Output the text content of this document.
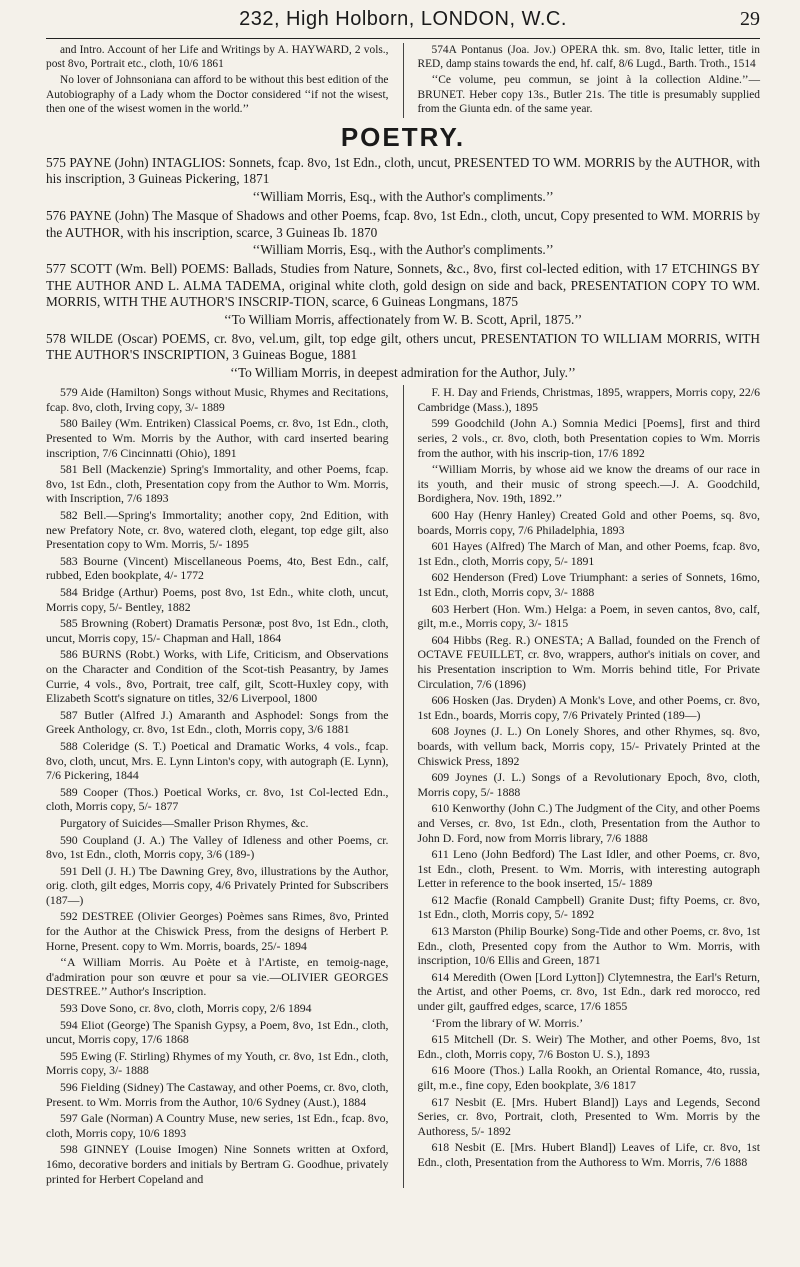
232, High Holborn, LONDON, W.C.	29

and Intro. Account of her Life and Writings by A. HAYWARD, 2 vols., post 8vo, Portrait etc., cloth, 10/6 1861

No lover of Johnsoniana can afford to be without this best edition of the Autobiography of a Lady whom the Doctor considered ‘‘if not the wisest, then one of the wisest women in the world.’’

574A Pontanus (Joa. Jov.) OPERA thk. sm. 8vo, Italic letter, title in RED, damp stains towards the end, hf. calf, 8/6 Lugd., Barth. Troth., 1514

‘‘Ce volume, peu commun, se joint à la collection Aldine.’’—BRUNET. Heber copy 13s., Butler 21s. The title is presumably supplied from the Giunta edn. of the same year.

POETRY.

575 PAYNE (John) INTAGLIOS: Sonnets, fcap. 8vo, 1st Edn., cloth, uncut, PRESENTED TO WM. MORRIS by the AUTHOR, with his inscription, 3 Guineas Pickering, 1871

‘‘William Morris, Esq., with the Author's compliments.’’

576 PAYNE (John) The Masque of Shadows and other Poems, fcap. 8vo, 1st Edn., cloth, uncut, Copy presented to WM. MORRIS by the AUTHOR, with his inscription, scarce, 3 Guineas Ib. 1870

‘‘William Morris, Esq., with the Author's compliments.’’

577 SCOTT (Wm. Bell) POEMS: Ballads, Studies from Nature, Sonnets, &c., 8vo, first col-lected edition, with 17 ETCHINGS BY THE AUTHOR AND L. ALMA TADEMA, original white cloth, gold design on side and back, PRESENTATION COPY TO WM. MORRIS, WITH THE AUTHOR'S INSCRIP-TION, scarce, 6 Guineas Longmans, 1875

‘‘To William Morris, affectionately from W. B. Scott, April, 1875.’’

578 WILDE (Oscar) POEMS, cr. 8vo, vel.um, gilt, top edge gilt, others uncut, PRESENTATION TO WILLIAM MORRIS, WITH THE AUTHOR'S INSCRIPTION, 3 Guineas Bogue, 1881

‘‘To William Morris, in deepest admiration for the Author, July.’’

579 Aide (Hamilton) Songs without Music, Rhymes and Recitations, fcap. 8vo, cloth, Irving copy, 3/- 1889

580 Bailey (Wm. Entriken) Classical Poems, cr. 8vo, 1st Edn., cloth, Presented to Wm. Morris by the Author, with card inserted bearing inscription, 7/6 Cincinnatti (Ohio), 1891

581 Bell (Mackenzie) Spring's Immortality, and other Poems, fcap. 8vo, 1st Edn., cloth, Presentation copy from the Author to Wm. Morris, with Inscription, 7/6 1893

582 Bell.—Spring's Immortality; another copy, 2nd Edition, with new Prefatory Note, cr. 8vo, watered cloth, elegant, top edge gilt, also Presentation copy to Wm. Morris, 5/- 1895

583 Bourne (Vincent) Miscellaneous Poems, 4to, Best Edn., calf, rubbed, Eden bookplate, 4/- 1772

584 Bridge (Arthur) Poems, post 8vo, 1st Edn., white cloth, uncut, Morris copy, 5/- Bentley, 1882

585 Browning (Robert) Dramatis Personæ, post 8vo, 1st Edn., cloth, uncut, Morris copy, 15/- Chapman and Hall, 1864

586 BURNS (Robt.) Works, with Life, Criticism, and Observations on the Character and Condition of the Scot-tish Peasantry, by James Currie, 4 vols., 8vo, Portrait, tree calf, gilt, Scott-Huxley copy, with Elizabeth Scott's signature on titles, 32/6 Liverpool, 1800

587 Butler (Alfred J.) Amaranth and Asphodel: Songs from the Greek Anthology, cr. 8vo, 1st Edn., cloth, Morris copy, 3/6 1881

588 Coleridge (S. T.) Poetical and Dramatic Works, 4 vols., fcap. 8vo, cloth, uncut, Mrs. E. Lynn Linton's copy, with autograph (E. Lynn), 7/6 Pickering, 1844

589 Cooper (Thos.) Poetical Works, cr. 8vo, 1st Col-lected Edn., cloth, Morris copy, 5/- 1877

Purgatory of Suicides—Smaller Prison Rhymes, &c.

590 Coupland (J. A.) The Valley of Idleness and other Poems, cr. 8vo, 1st Edn., cloth, Morris copy, 3/6 (189-)

591 Dell (J. H.) Tbe Dawning Grey, 8vo, illustrations by the Author, orig. cloth, gilt edges, Morris copy, 4/6 Privately Printed for Subscribers (187—)

592 DESTREE (Olivier Georges) Poèmes sans Rimes, 8vo, Printed for the Author at the Chiswick Press, from the designs of Herbert P. Horne, Present. copy to Wm. Morris, boards, 25/- 1894

‘‘A William Morris. Au Poète et à l'Artiste, en temoig-nage, d'admiration pour son œuvre et pour sa vie.—OLIVIER GEORGES DESTREE.’’ Author's Inscription.

593 Dove Sono, cr. 8vo, cloth, Morris copy, 2/6 1894

594 Eliot (George) The Spanish Gypsy, a Poem, 8vo, 1st Edn., cloth, uncut, Morris copy, 17/6 1868

595 Ewing (F. Stirling) Rhymes of my Youth, cr. 8vo, 1st Edn., cloth, Morris copy, 3/- 1888

596 Fielding (Sidney) The Castaway, and other Poems, cr. 8vo, cloth, Present. to Wm. Morris from the Author, 10/6 Sydney (Aust.), 1884

597 Gale (Norman) A Country Muse, new series, 1st Edn., fcap. 8vo, cloth, Morris copy, 10/6 1893

598 GINNEY (Louise Imogen) Nine Sonnets written at Oxford, 16mo, decorative borders and initials by Bertram G. Goodhue, privately printed for Herbert Copeland and

F. H. Day and Friends, Christmas, 1895, wrappers, Morris copy, 22/6 Cambridge (Mass.), 1895

599 Goodchild (John A.) Somnia Medici [Poems], first and third series, 2 vols., cr. 8vo, cloth, both Presentation copies to Wm. Morris from the author, with his inscrip-tion, 17/6 1892

‘‘William Morris, by whose aid we know the dreams of our race in its youth, and their music of strong speech.—J. A. Goodchild, Bordighera, Nov. 19th, 1892.’’

600 Hay (Henry Hanley) Created Gold and other Poems, sq. 8vo, boards, Morris copy, 7/6 Philadelphia, 1893

601 Hayes (Alfred) The March of Man, and other Poems, fcap. 8vo, 1st Edn., cloth, Morris copy, 5/- 1891

602 Henderson (Fred) Love Triumphant: a series of Sonnets, 16mo, 1st Edn., cloth, Morris copv, 3/- 1888

603 Herbert (Hon. Wm.) Helga: a Poem, in seven cantos, 8vo, calf, gilt, m.e., Morris copy, 3/- 1815

604 Hibbs (Reg. R.) ONESTA; A Ballad, founded on the French of OCTAVE FEUILLET, cr. 8vo, wrappers, author's initials on cover, and his Presentation inscription to Wm. Morris behind title, For Private Circulation, 7/6 (1896)

606 Hosken (Jas. Dryden) A Monk's Love, and other Poems, cr. 8vo, 1st Edn., boards, Morris copy, 7/6 Privately Printed (189—)

608 Joynes (J. L.) On Lonely Shores, and other Rhymes, sq. 8vo, boards, with vellum back, Morris copy, 15/- Privately Printed at the Chiswick Press, 1892

609 Joynes (J. L.) Songs of a Revolutionary Epoch, 8vo, cloth, Morris copy, 5/- 1888

610 Kenworthy (John C.) The Judgment of the City, and other Poems and Verses, cr. 8vo, 1st Edn., cloth, Presentation from the Author to John D. Ford, now from Morris library, 7/6 1888

611 Leno (John Bedford) The Last Idler, and other Poems, cr. 8vo, 1st Edn., cloth, Present. to Wm. Morris, with interesting autograph Letter in reference to the book inserted, 15/- 1889

612 Macfie (Ronald Campbell) Granite Dust; fifty Poems, cr. 8vo, 1st Edn., cloth, Morris copy, 5/- 1892

613 Marston (Philip Bourke) Song-Tide and other Poems, cr. 8vo, 1st Edn., cloth, Presented copy from the Author to Wm. Morris, with inscription, 10/6 Ellis and Green, 1871

614 Meredith (Owen [Lord Lytton]) Clytemnestra, the Earl's Return, the Artist, and other Poems, cr. 8vo, 1st Edn., dark red morocco, red under gilt, gauffred edges, scarce, 17/6 1855

‘From the library of W. Morris.’

615 Mitchell (Dr. S. Weir) The Mother, and other Poems, 8vo, 1st Edn., cloth, Morris copy, 7/6 Boston U. S.), 1893

616 Moore (Thos.) Lalla Rookh, an Oriental Romance, 4to, russia, gilt, m.e., fine copy, Eden bookplate, 3/6 1817

617 Nesbit (E. [Mrs. Hubert Bland]) Lays and Legends, Second Series, cr. 8vo, Portrait, cloth, Presented to Wm. Morris by the Authoress, 5/- 1892

618 Nesbit (E. [Mrs. Hubert Bland]) Leaves of Life, cr. 8vo, 1st Edn., cloth, Presentation from the Authoress to Wm. Morris, 7/6 1888
